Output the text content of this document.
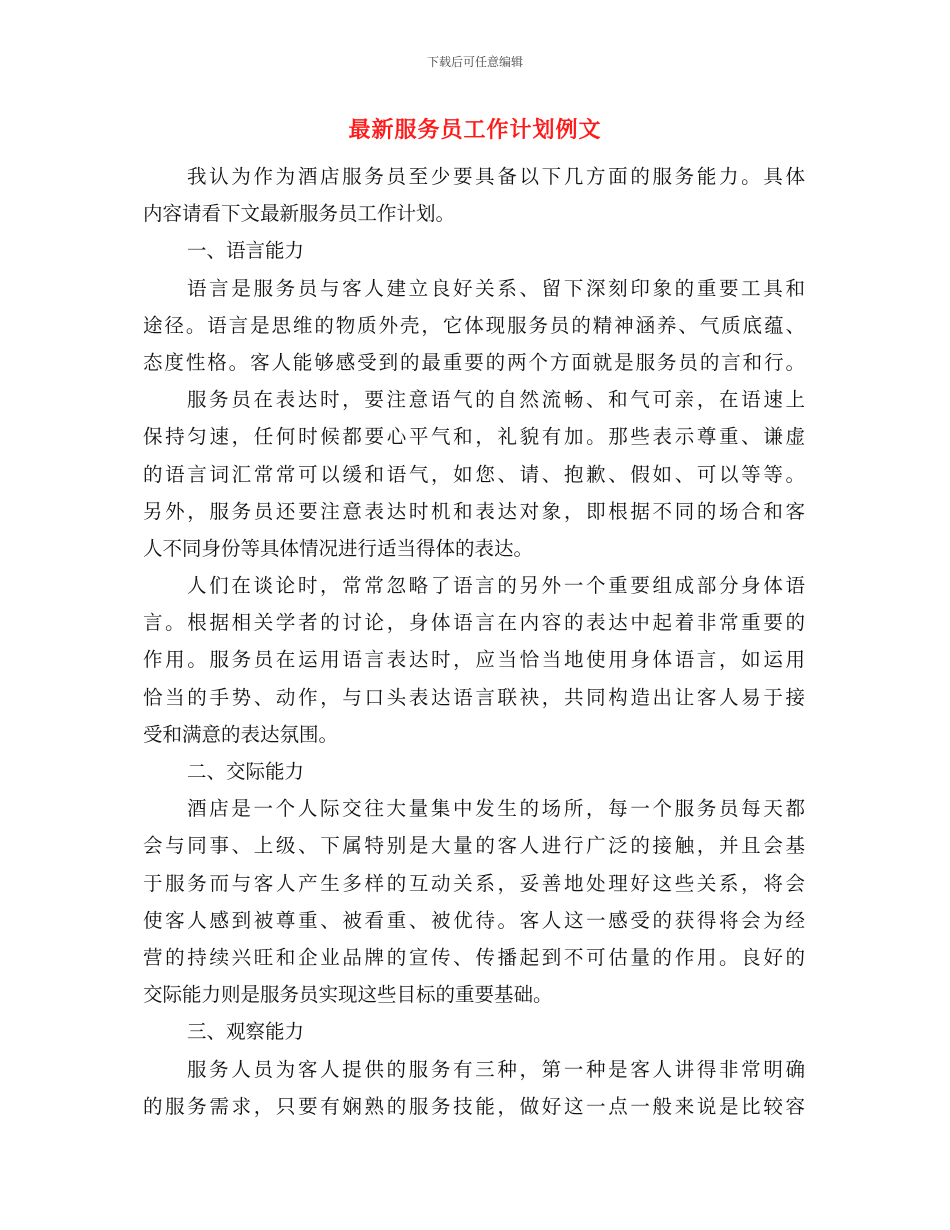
下载后可任意编辑
最新服务员工作计划例文
我认为作为酒店服务员至少要具备以下几方面的服务能力。具体
内容请看下文最新服务员工作计划。
一、语言能力
语言是服务员与客人建立良好关系、留下深刻印象的重要工具和
途径。语言是思维的物质外壳，它体现服务员的精神涵养、气质底蕴、
态度性格。客人能够感受到的最重要的两个方面就是服务员的言和行。
服务员在表达时，要注意语气的自然流畅、和气可亲，在语速上
保持匀速，任何时候都要心平气和，礼貌有加。那些表示尊重、谦虚
的语言词汇常常可以缓和语气，如您、请、抱歉、假如、可以等等。
另外，服务员还要注意表达时机和表达对象，即根据不同的场合和客
人不同身份等具体情况进行适当得体的表达。
人们在谈论时，常常忽略了语言的另外一个重要组成部分身体语
言。根据相关学者的讨论，身体语言在内容的表达中起着非常重要的
作用。服务员在运用语言表达时，应当恰当地使用身体语言，如运用
恰当的手势、动作，与口头表达语言联袂，共同构造出让客人易于接
受和满意的表达氛围。
二、交际能力
酒店是一个人际交往大量集中发生的场所，每一个服务员每天都
会与同事、上级、下属特别是大量的客人进行广泛的接触，并且会基
于服务而与客人产生多样的互动关系，妥善地处理好这些关系，将会
使客人感到被尊重、被看重、被优待。客人这一感受的获得将会为经
营的持续兴旺和企业品牌的宣传、传播起到不可估量的作用。良好的
交际能力则是服务员实现这些目标的重要基础。
三、观察能力
服务人员为客人提供的服务有三种，第一种是客人讲得非常明确
的服务需求，只要有娴熟的服务技能，做好这一点一般来说是比较容
